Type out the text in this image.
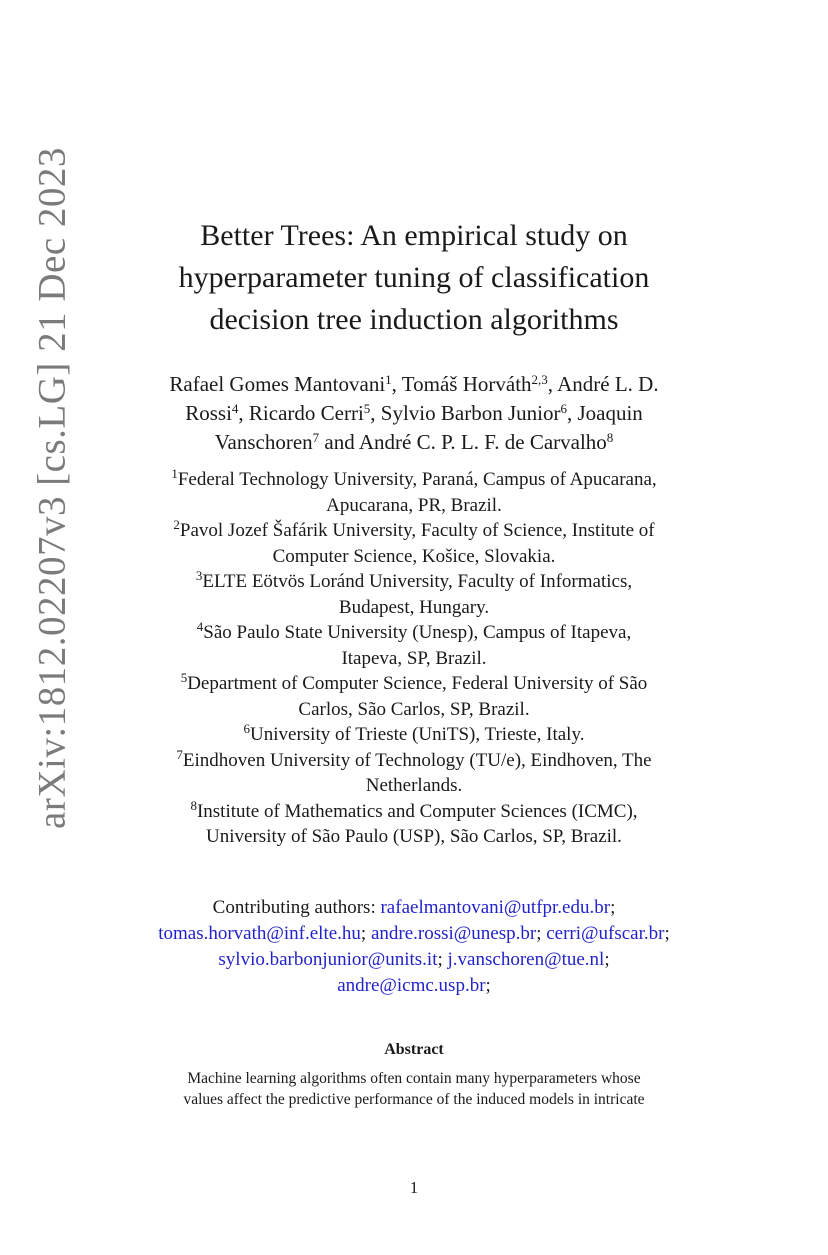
arXiv:1812.02207v3 [cs.LG] 21 Dec 2023	Better Trees: An empirical study on
hyperparameter tuning of classification
decision tree induction algorithms
Rafael Gomes Mantovani$^1$, Tomáš Horváth$^{2,3}$, André L. D.
Rossi$^4$, Ricardo Cerri$^5$, Sylvio Barbon Junior$^6$, Joaquin
Vanschoren$^7$ and André C. P. L. F. de Carvalho$^8$
$^1$Federal Technology University, Paraná, Campus of Apucarana,
Apucarana, PR, Brazil.
$^2$Pavol Jozef Šafárik University, Faculty of Science, Institute of
Computer Science, Košice, Slovakia.
$^3$ELTE Eötvös Loránd University, Faculty of Informatics,
Budapest, Hungary.
$^4$São Paulo State University (Unesp), Campus of Itapeva,
Itapeva, SP, Brazil.
$^5$Department of Computer Science, Federal University of São
Carlos, São Carlos, SP, Brazil.
$^6$University of Trieste (UniTS), Trieste, Italy.
$^7$Eindhoven University of Technology (TU/e), Eindhoven, The
Netherlands.
$^8$Institute of Mathematics and Computer Sciences (ICMC),
University of São Paulo (USP), São Carlos, SP, Brazil.
Contributing authors: rafaelmantovani@utfpr.edu.br;
tomas.horvath@inf.elte.hu; andre.rossi@unesp.br; cerri@ufscar.br;
sylvio.barbonjunior@units.it; j.vanschoren@tue.nl;
andre@icmc.usp.br;
Abstract
Machine learning algorithms often contain many hyperparameters whose
values affect the predictive performance of the induced models in intricate
1
